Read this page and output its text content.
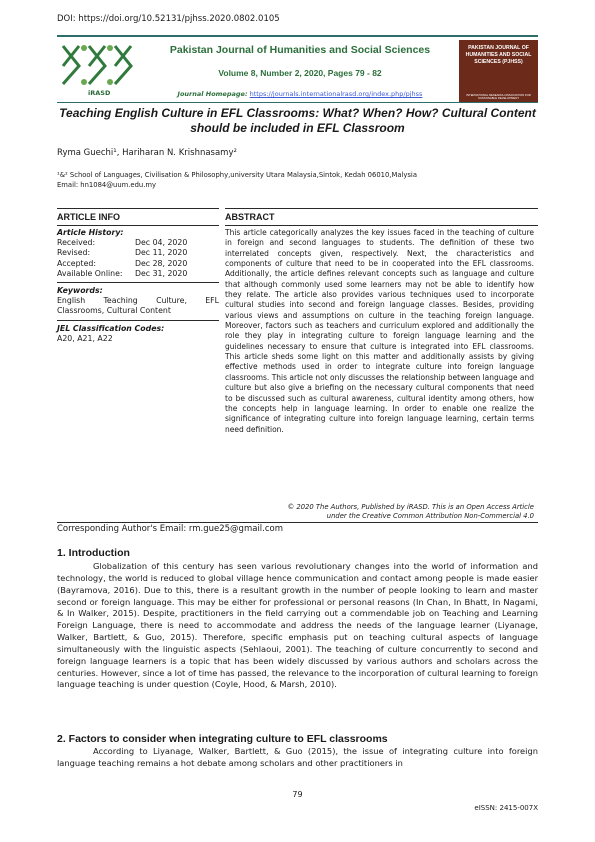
DOI: https://doi.org/10.52131/pjhss.2020.0802.0105
iRASD
Pakistan Journal of Humanities and Social Sciences
Volume 8, Number 2, 2020, Pages 79 - 82
Journal Homepage: https://journals.internationalrasd.org/index.php/pjhss
PAKISTAN JOURNAL OF HUMANITIES AND SOCIAL SCIENCES (PJHSS)
INTERNATIONAL RESEARCH ASSOCIATION FOR SUSTAINABLE DEVELOPMENT
Teaching English Culture in EFL Classrooms: What? When? How? Cultural Content should be included in EFL Classroom
Ryma Guechi¹, Hariharan N. Krishnasamy²
¹&² School of Languages, Civilisation & Philosophy,university Utara Malaysia,Sintok, Kedah 06010,Malysia
Email: hn1084@uum.edu.my
ARTICLE INFO
Article History:
Received:	Dec 04, 2020
Revised:	Dec 11, 2020
Accepted:	Dec 28, 2020
Available Online:	Dec 31, 2020
Keywords:
English Teaching Culture, EFL Classrooms, Cultural Content
JEL Classification Codes:
A20, A21, A22
ABSTRACT
This article categorically analyzes the key issues faced in the teaching of culture in foreign and second languages to students. The definition of these two interrelated concepts given, respectively. Next, the characteristics and components of culture that need to be in cooperated into the EFL classrooms. Additionally, the article defines relevant concepts such as language and culture that although commonly used some learners may not be able to identify how they relate. The article also provides various techniques used to incorporate cultural studies into second and foreign language classes. Besides, providing various views and assumptions on culture in the teaching foreign language. Moreover, factors such as teachers and curriculum explored and additionally the role they play in integrating culture to foreign language learning and the guidelines necessary to ensure that culture is integrated into EFL classrooms. This article sheds some light on this matter and additionally assists by giving effective methods used in order to integrate culture into foreign language classrooms. This article not only discusses the relationship between language and culture but also give a briefing on the necessary cultural components that need to be discussed such as cultural awareness, cultural identity among others, how the concepts help in language learning. In order to enable one realize the significance of integrating culture into foreign language learning, certain terms need definition.
© 2020 The Authors, Published by iRASD. This is an Open Access Article
under the Creative Common Attribution Non-Commercial 4.0
Corresponding Author's Email: rm.gue25@gmail.com
1. Introduction

Globalization of this century has seen various revolutionary changes into the world of information and technology, the world is reduced to global village hence communication and contact among people is made easier (Bayramova, 2016). Due to this, there is a resultant growth in the number of people looking to learn and master second or foreign language. This may be either for professional or personal reasons (In Chan, In Bhatt, In Nagami, & In Walker, 2015). Despite, practitioners in the field carrying out a commendable job on Teaching and Learning Foreign Language, there is need to accommodate and address the needs of the language learner (Liyanage, Walker, Bartlett, & Guo, 2015). Therefore, specific emphasis put on teaching cultural aspects of language simultaneously with the linguistic aspects (Sehlaoui, 2001). The teaching of culture concurrently to second and foreign language learners is a topic that has been widely discussed by various authors and scholars across the centuries. However, since a lot of time has passed, the relevance to the incorporation of cultural learning to foreign language teaching is under question (Coyle, Hood, & Marsh, 2010).

2. Factors to consider when integrating culture to EFL classrooms

According to Liyanage, Walker, Bartlett, & Guo (2015), the issue of integrating culture into foreign language teaching remains a hot debate among scholars and other practitioners in

79
eISSN: 2415-007X
